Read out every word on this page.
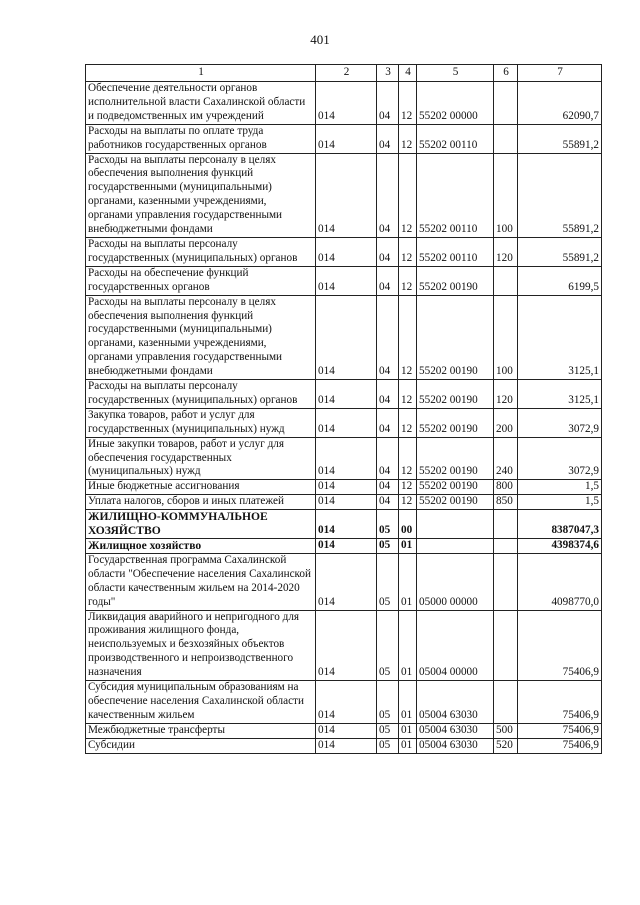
401
1	2	3	4	5	6	7
Обеспечение деятельности органов исполнительной власти Сахалинской области и подведомственных им учреждений	014	04	12	55202 00000		62090,7
Расходы на выплаты по оплате труда работников государственных органов	014	04	12	55202 00110		55891,2
Расходы на выплаты персоналу в целях обеспечения выполнения функций государственными (муниципальными) органами, казенными учреждениями, органами управления государственными внебюджетными фондами	014	04	12	55202 00110	100	55891,2
Расходы на выплаты персоналу государственных (муниципальных) органов	014	04	12	55202 00110	120	55891,2
Расходы на обеспечение функций государственных органов	014	04	12	55202 00190		6199,5
Расходы на выплаты персоналу в целях обеспечения выполнения функций государственными (муниципальными) органами, казенными учреждениями, органами управления государственными внебюджетными фондами	014	04	12	55202 00190	100	3125,1
Расходы на выплаты персоналу государственных (муниципальных) органов	014	04	12	55202 00190	120	3125,1
Закупка товаров, работ и услуг для государственных (муниципальных) нужд	014	04	12	55202 00190	200	3072,9
Иные закупки товаров, работ и услуг для обеспечения государственных (муниципальных) нужд	014	04	12	55202 00190	240	3072,9
Иные бюджетные ассигнования	014	04	12	55202 00190	800	1,5
Уплата налогов, сборов и иных платежей	014	04	12	55202 00190	850	1,5
ЖИЛИЩНО-КОММУНАЛЬНОЕ ХОЗЯЙСТВО	014	05	00			8387047,3
Жилищное хозяйство	014	05	01			4398374,6
Государственная программа Сахалинской области "Обеспечение населения Сахалинской области качественным жильем на 2014-2020 годы"	014	05	01	05000 00000		4098770,0
Ликвидация аварийного и непригодного для проживания жилищного фонда, неиспользуемых и безхозяйных объектов производственного и непроизводственного назначения	014	05	01	05004 00000		75406,9
Субсидия муниципальным образованиям на обеспечение населения Сахалинской области качественным жильем	014	05	01	05004 63030		75406,9
Межбюджетные трансферты	014	05	01	05004 63030	500	75406,9
Субсидии	014	05	01	05004 63030	520	75406,9
